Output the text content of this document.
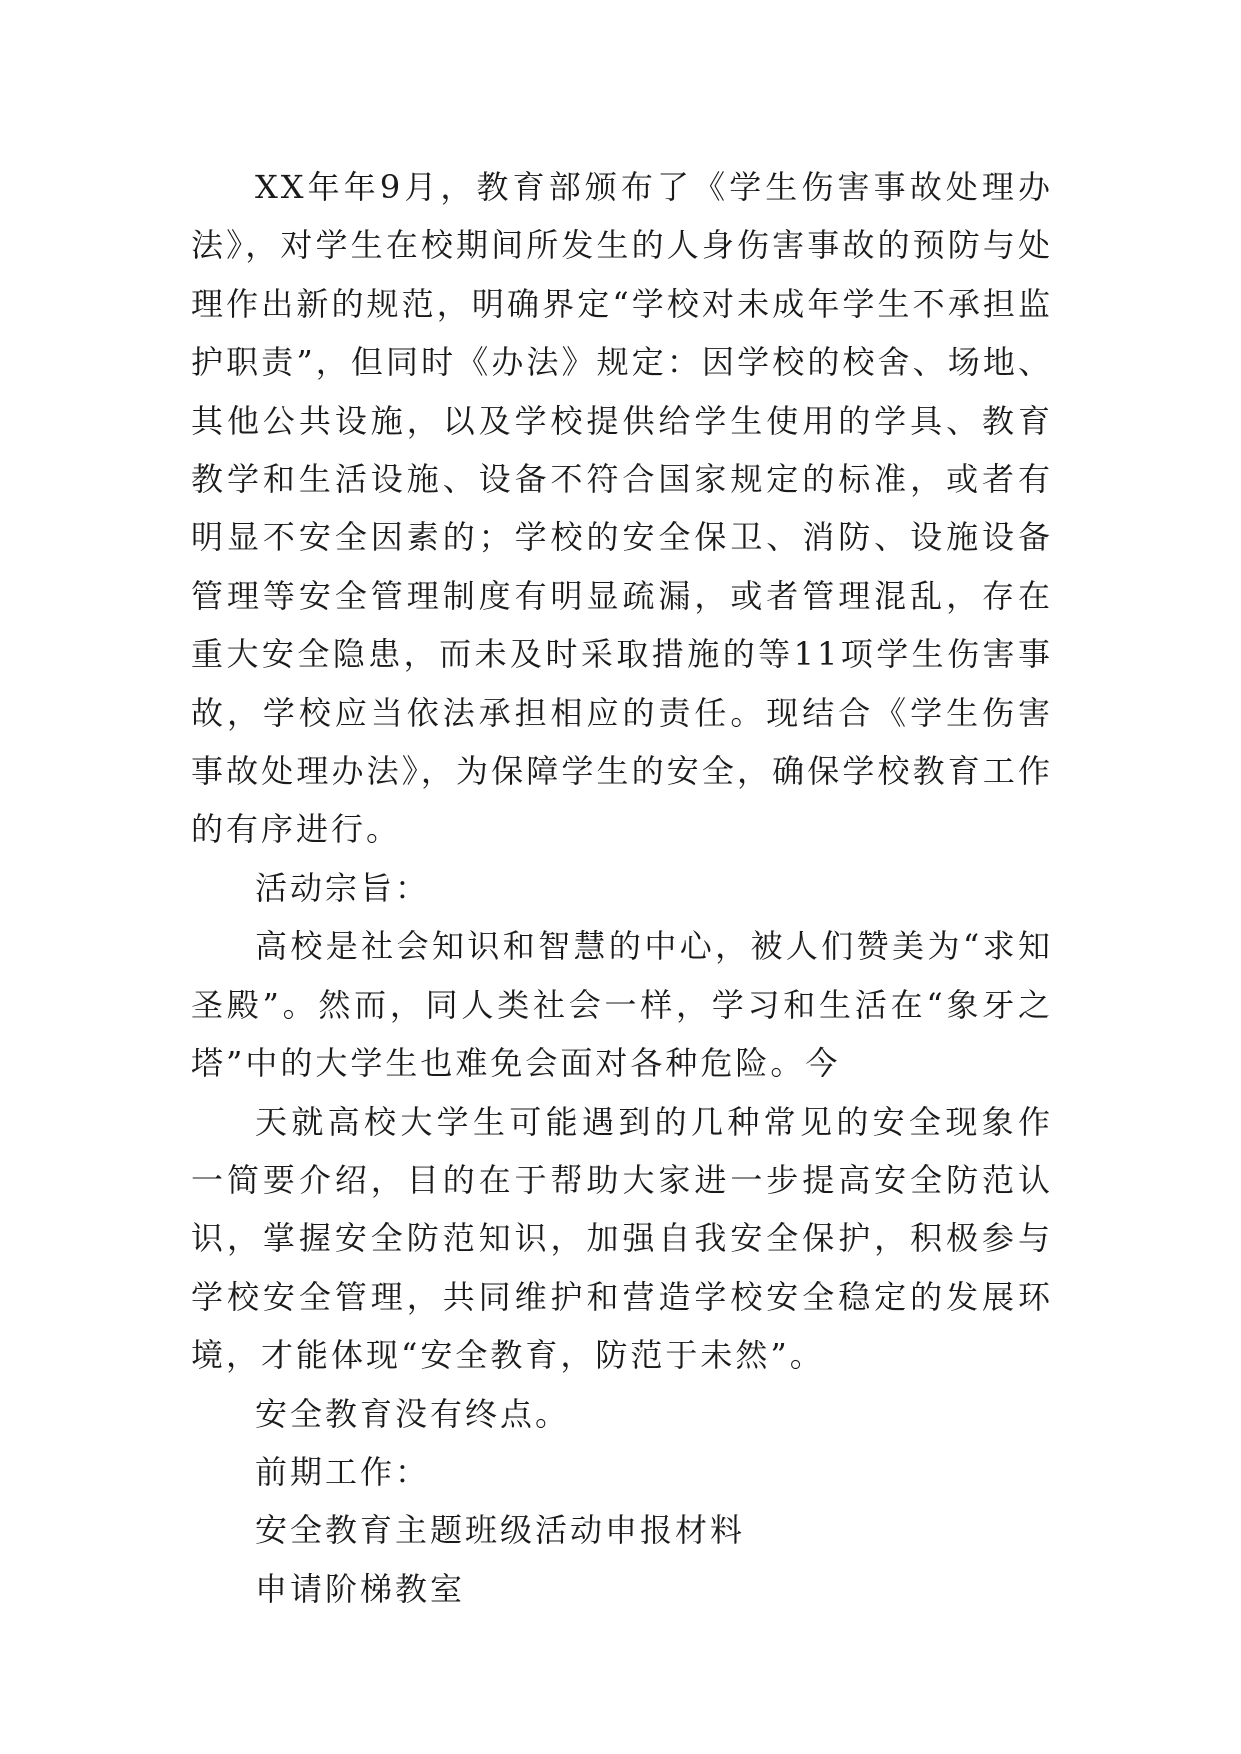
XX年年9月，教育部颁布了《学生伤害事故处理办法》，对学生在校期间所发生的人身伤害事故的预防与处理作出新的规范，明确界定“学校对未成年学生不承担监护职责”，但同时《办法》规定：因学校的校舍、场地、其他公共设施，以及学校提供给学生使用的学具、教育教学和生活设施、设备不符合国家规定的标准，或者有明显不安全因素的；学校的安全保卫、消防、设施设备管理等安全管理制度有明显疏漏，或者管理混乱，存在重大安全隐患，而未及时采取措施的等11项学生伤害事故，学校应当依法承担相应的责任。现结合《学生伤害事故处理办法》，为保障学生的安全，确保学校教育工作的有序进行。

活动宗旨：

高校是社会知识和智慧的中心，被人们赞美为“求知圣殿”。然而，同人类社会一样，学习和生活在“象牙之塔”中的大学生也难免会面对各种危险。今

天就高校大学生可能遇到的几种常见的安全现象作一简要介绍，目的在于帮助大家进一步提高安全防范认识，掌握安全防范知识，加强自我安全保护，积极参与学校安全管理，共同维护和营造学校安全稳定的发展环境，才能体现“安全教育，防范于未然”。

安全教育没有终点。

前期工作：

安全教育主题班级活动申报材料

申请阶梯教室
